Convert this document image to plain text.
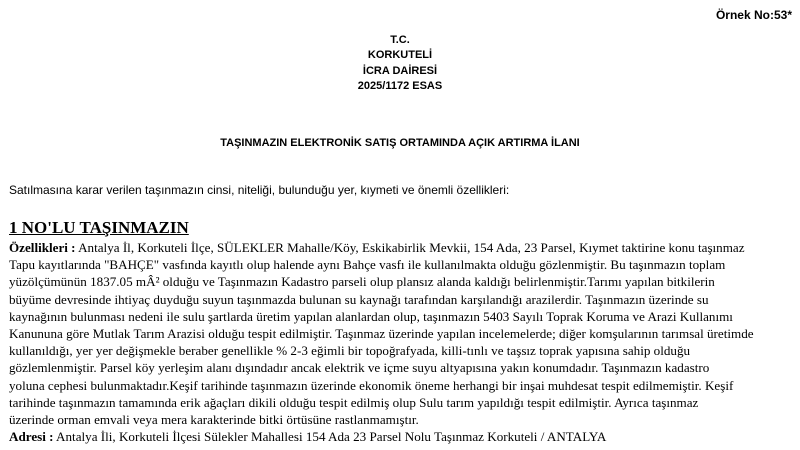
Örnek No:53*
T.C.
KORKUTELİ
İCRA DAİRESİ
2025/1172 ESAS
TAŞINMAZIN ELEKTRONİK SATIŞ ORTAMINDA AÇIK ARTIRMA İLANI
Satılmasına karar verilen taşınmazın cinsi, niteliği, bulunduğu yer, kıymeti ve önemli özellikleri:
1 NO'LU TAŞINMAZIN
Özellikleri : Antalya İl, Korkuteli İlçe, SÜLEKLER Mahalle/Köy, Eskikabirlik Mevkii, 154 Ada, 23 Parsel, Kıymet taktirine konu taşınmaz
Tapu kayıtlarında "BAHÇE" vasfında kayıtlı olup halende aynı Bahçe vasfı ile kullanılmakta olduğu gözlenmiştir. Bu taşınmazın toplam
yüzölçümünün 1837.05 mÂ² olduğu ve Taşınmazın Kadastro parseli olup plansız alanda kaldığı belirlenmiştir.Tarımı yapılan bitkilerin
büyüme devresinde ihtiyaç duyduğu suyun taşınmazda bulunan su kaynağı tarafından karşılandığı arazilerdir. Taşınmazın üzerinde su
kaynağının bulunması nedeni ile sulu şartlarda üretim yapılan alanlardan olup, taşınmazın 5403 Sayılı Toprak Koruma ve Arazi Kullanımı
Kanununa göre Mutlak Tarım Arazisi olduğu tespit edilmiştir. Taşınmaz üzerinde yapılan incelemelerde; diğer komşularının tarımsal üretimde
kullanıldığı, yer yer değişmekle beraber genellikle % 2-3 eğimli bir topoğrafyada, killi-tınlı ve taşsız toprak yapısına sahip olduğu
gözlemlenmiştir. Parsel köy yerleşim alanı dışındadır ancak elektrik ve içme suyu altyapısına yakın konumdadır. Taşınmazın kadastro
yoluna cephesi bulunmaktadır.Keşif tarihinde taşınmazın üzerinde ekonomik öneme herhangi bir inşai muhdesat tespit edilmemiştir. Keşif
tarihinde taşınmazın tamamında erik ağaçları dikili olduğu tespit edilmiş olup Sulu tarım yapıldığı tespit edilmiştir. Ayrıca taşınmaz
üzerinde orman emvali veya mera karakterinde bitki örtüsüne rastlanmamıştır.
Adresi : Antalya İli, Korkuteli İlçesi Sülekler Mahallesi 154 Ada 23 Parsel Nolu Taşınmaz Korkuteli / ANTALYA
